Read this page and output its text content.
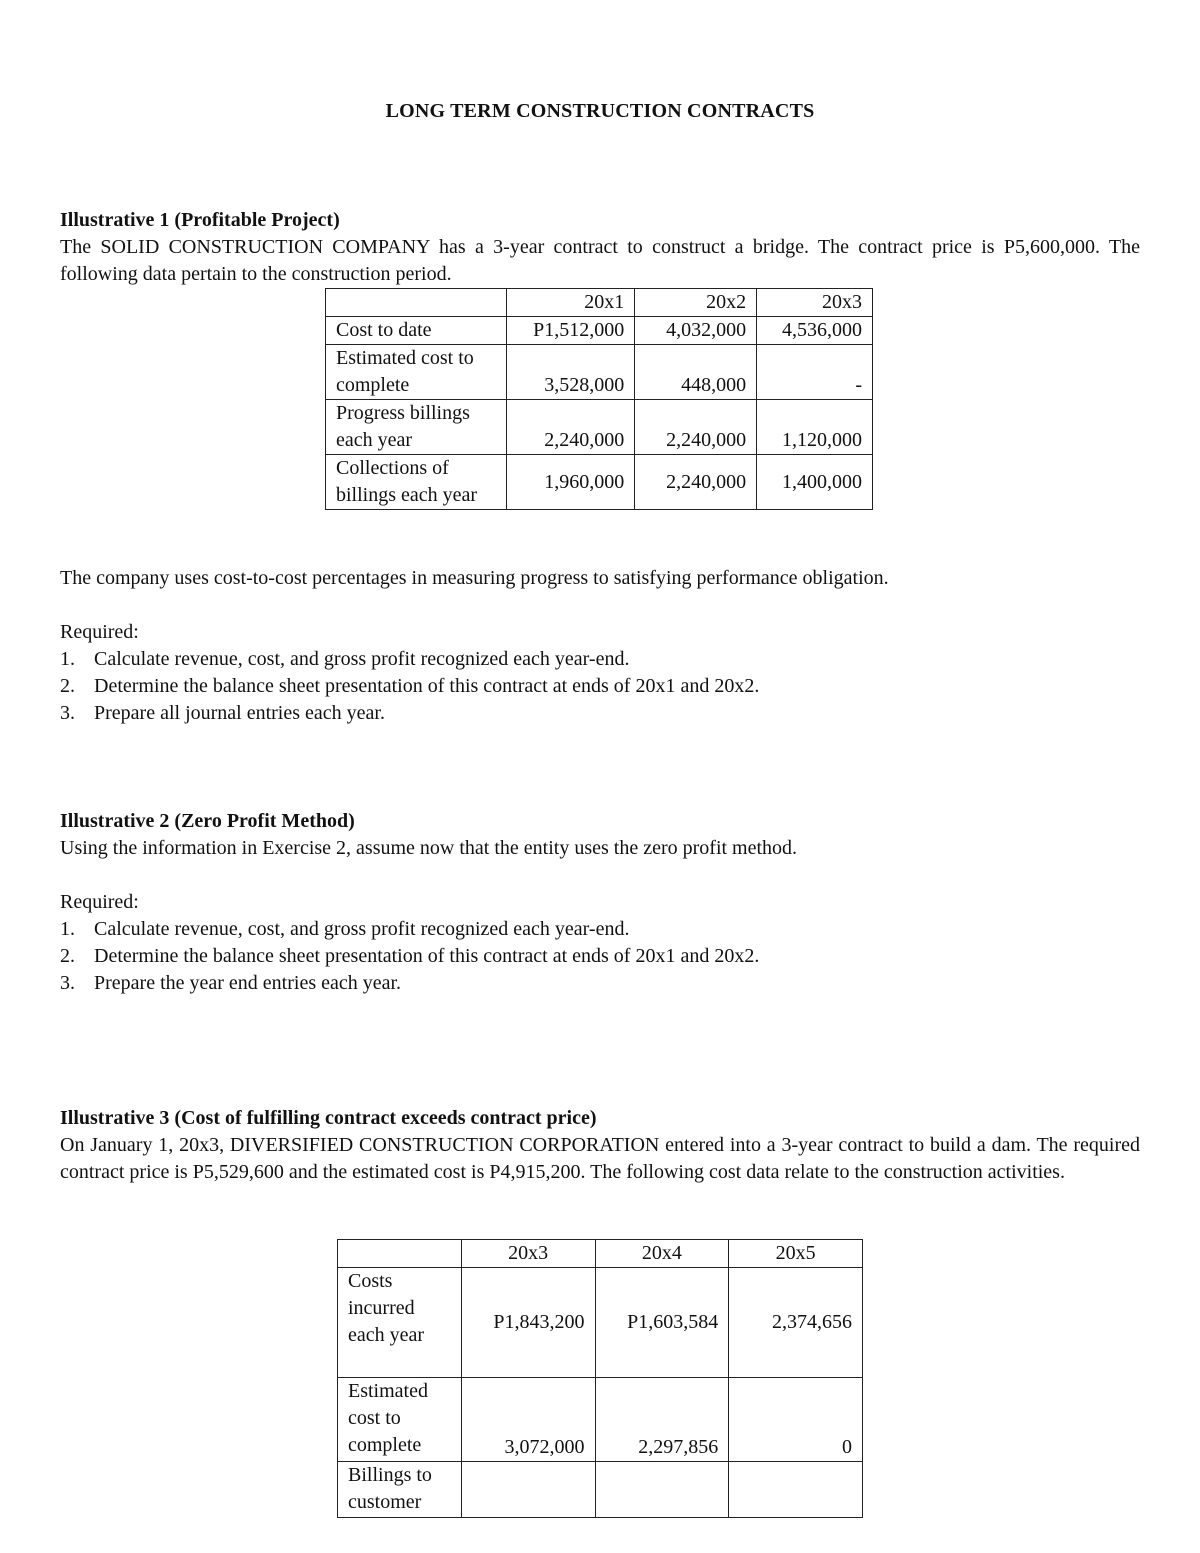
LONG TERM CONSTRUCTION CONTRACTS
Illustrative 1 (Profitable Project)
The SOLID CONSTRUCTION COMPANY has a 3-year contract to construct a bridge. The contract price is P5,600,000. The following data pertain to the construction period.
	20x1	20x2	20x3
Cost to date	P1,512,000	4,032,000	4,536,000
Estimated cost to complete	3,528,000	448,000	-
Progress billings each year	2,240,000	2,240,000	1,120,000
Collections of billings each year	1,960,000	2,240,000	1,400,000
The company uses cost-to-cost percentages in measuring progress to satisfying performance obligation.
Required:
1. Calculate revenue, cost, and gross profit recognized each year-end.
2. Determine the balance sheet presentation of this contract at ends of 20x1 and 20x2.
3. Prepare all journal entries each year.
Illustrative 2 (Zero Profit Method)
Using the information in Exercise 2, assume now that the entity uses the zero profit method.
Required:
1. Calculate revenue, cost, and gross profit recognized each year-end.
2. Determine the balance sheet presentation of this contract at ends of 20x1 and 20x2.
3. Prepare the year end entries each year.
Illustrative 3 (Cost of fulfilling contract exceeds contract price)
On January 1, 20x3, DIVERSIFIED CONSTRUCTION CORPORATION entered into a 3-year contract to build a dam. The required contract price is P5,529,600 and the estimated cost is P4,915,200. The following cost data relate to the construction activities.
	20x3	20x4	20x5
Costs incurred each year	P1,843,200	P1,603,584	2,374,656
Estimated cost to complete	3,072,000	2,297,856	0
Billings to customer			
